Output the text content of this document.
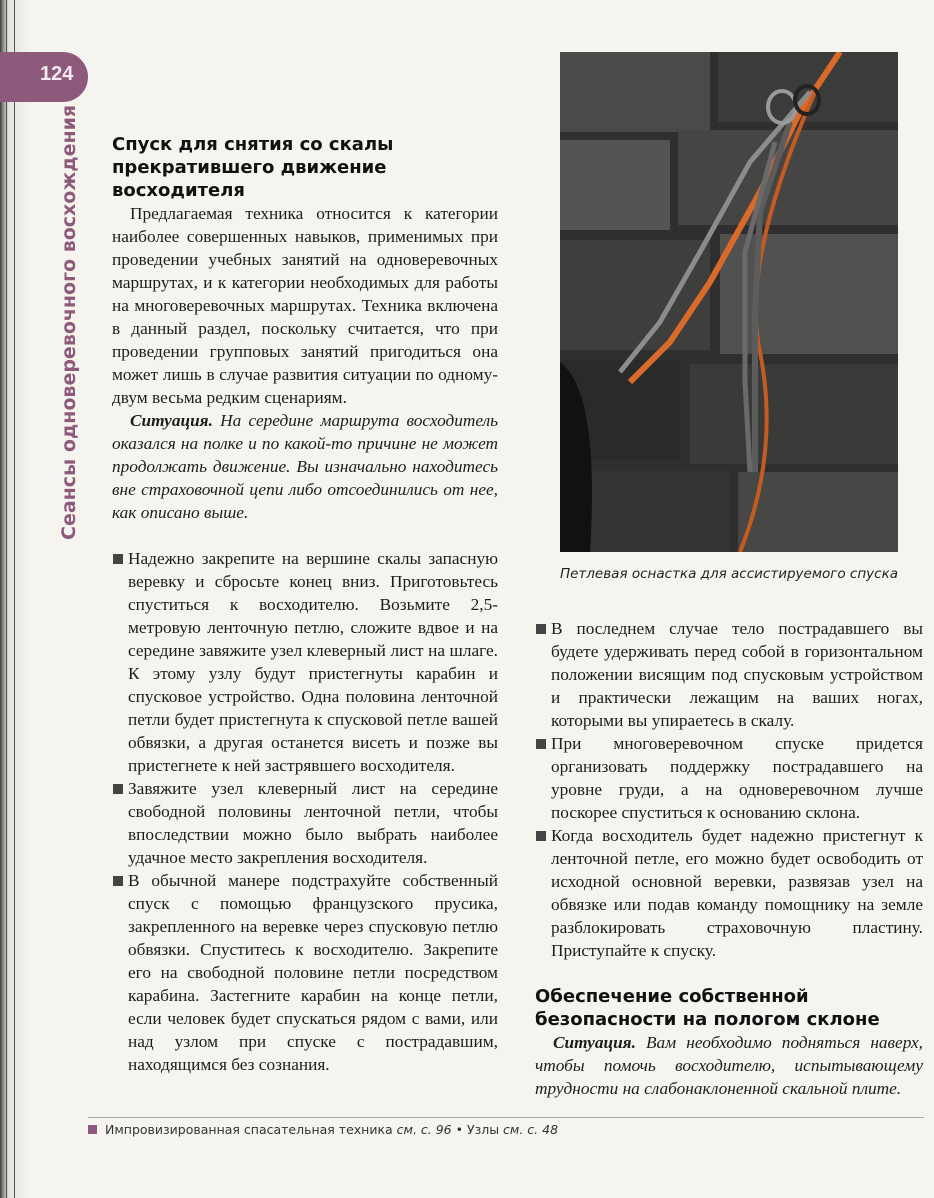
124
Сеансы одноверевочного восхождения	Спуск для снятия со скалы прекратившего движение восходителя

Предлагаемая техника относится к категории наиболее совершенных навыков, применимых при проведении учебных занятий на одноверевочных маршрутах, и к категории необходимых для работы на многоверевочных маршрутах. Техника включена в данный раздел, поскольку считается, что при проведении групповых занятий пригодиться она может лишь в случае развития ситуации по одному-двум весьма редким сценариям.

Ситуация. На середине маршрута восходитель оказался на полке и по какой-то причине не может продолжать движение. Вы изначально находитесь вне страховочной цепи либо отсоединились от нее, как описано выше.

Надежно закрепите на вершине скалы запасную веревку и сбросьте конец вниз. Приготовьтесь спуститься к восходителю. Возьмите 2,5-метровую ленточную петлю, сложите вдвое и на середине завяжите узел клеверный лист на шлаге. К этому узлу будут пристегнуты карабин и спусковое устройство. Одна половина ленточной петли будет пристегнута к спусковой петле вашей обвязки, а другая останется висеть и позже вы пристегнете к ней застрявшего восходителя.

Завяжите узел клеверный лист на середине свободной половины ленточной петли, чтобы впоследствии можно было выбрать наиболее удачное место закрепления восходителя.

В обычной манере подстрахуйте собственный спуск с помощью французского прусика, закрепленного на веревке через спусковую петлю обвязки. Спуститесь к восходителю. Закрепите его на свободной половине петли посредством карабина. Застегните карабин на конце петли, если человек будет спускаться рядом с вами, или над узлом при спуске с пострадавшим, находящимся без сознания.

Петлевая оснастка для ассистируемого спуска

В последнем случае тело пострадавшего вы будете удерживать перед собой в горизонтальном положении висящим под спусковым устройством и практически лежащим на ваших ногах, которыми вы упираетесь в скалу.

При многоверевочном спуске придется организовать поддержку пострадавшего на уровне груди, а на одноверевочном лучше поскорее спуститься к основанию склона.

Когда восходитель будет надежно пристегнут к ленточной петле, его можно будет освободить от исходной основной веревки, развязав узел на обвязке или подав команду помощнику на земле разблокировать страховочную пластину. Приступайте к спуску.

Обеспечение собственной безопасности на пологом склоне

Ситуация. Вам необходимо подняться наверх, чтобы помочь восходителю, испытывающему трудности на слабонаклоненной скальной плите.

Импровизированная спасательная техника см. с. 96 • Узлы см. с. 48
